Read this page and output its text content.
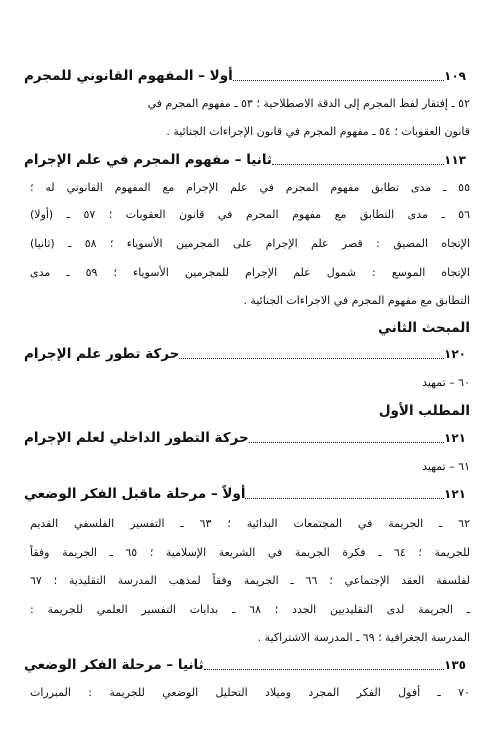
أولا – المفهوم القانوني للمجرم	١٠٩
٥٢ ـ إفتقار لفظ المجرم إلى الدقة الاصطلاحية ؛ ٥٣ ـ مفهوم المجرم في
قانون العقوبات ؛ ٥٤ ـ مفهوم المجرم في قانون الإجراءات الجنائية .
ثانيا – مفهوم المجرم في علم الإجرام	١١٣
٥٥ ـ مدى تطابق مفهوم المجرم في علم الإجرام مع المفهوم القانوني له ؛
٥٦ ـ مدى التطابق مع مفهوم المجرم في قانون العقوبات ؛ ٥٧ ـ (أولا)
الإتجاه المضيق : قصر علم الإجرام على المجرمين الأسوياء ؛ ٥٨ ـ (ثانيا)
الإتجاه الموسع : شمول علم الإجرام للمجرمين الأسوياء ؛ ٥٩ ـ مدى
التطابق مع مفهوم المجرم في الاجراءات الجنائية .
المبحث الثاني
حركة تطور علم الإجرام	١٢٠
٦٠ – تمهيد
المطلب الأول
حركة التطور الداخلي لعلم الإجرام	١٢١
٦١ – تمهيد
أولاً – مرحلة ماقبل الفكر الوضعي	١٢١
٦٢ ـ الجريمة في المجتمعات البدائية ؛ ٦٣ ـ التفسير الفلسفي القديم
للجريمة ؛ ٦٤ ـ فكرة الجريمة في الشريعة الإسلامية ؛ ٦٥ ـ الجريمة وفقاً
لفلسفة العقد الإجتماعي ؛ ٦٦ ـ الجريمة وفقاً لمذهب المدرسة التقليدية ؛ ٦٧
ـ الجريمة لدى التقليديين الجدد ؛ ٦٨ ـ بدايات التفسير العلمي للجريمة :
المدرسة الجغرافية ؛ ٦٩ ـ المدرسة الاشتراكية .
ثانيا – مرحلة الفكر الوضعي	١٣٥
٧٠ ـ أفول الفكر المجرد وميلاد التحليل الوضعي للجريمة : المبررات
